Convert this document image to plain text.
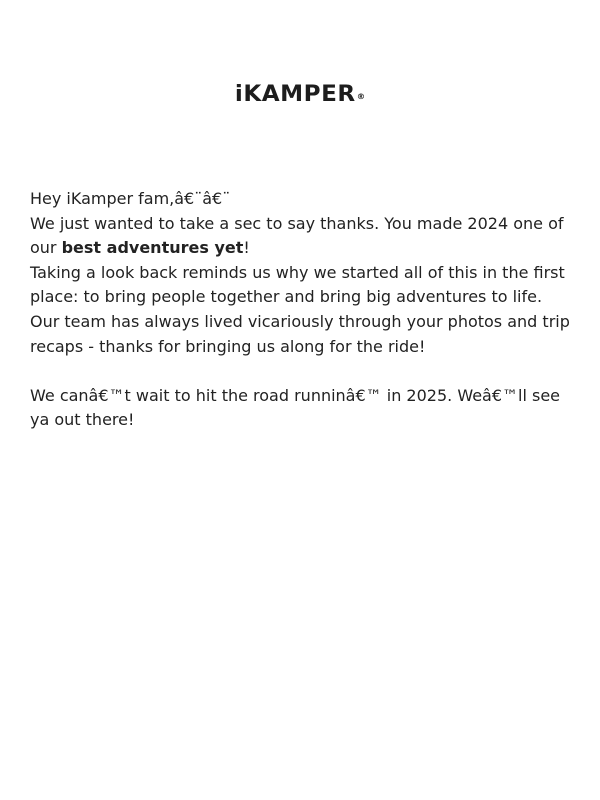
iKAMPER®

Hey iKamper fam,â€¨â€¨

We just wanted to take a sec to say thanks. You made 2024 one of our best adventures yet!

Taking a look back reminds us why we started all of this in the first place: to bring people together and bring big adventures to life.

Our team has always lived vicariously through your photos and trip recaps - thanks for bringing us along for the ride!

We canâ€™t wait to hit the road runninâ€™ in 2025. Weâ€™ll see ya out there!
